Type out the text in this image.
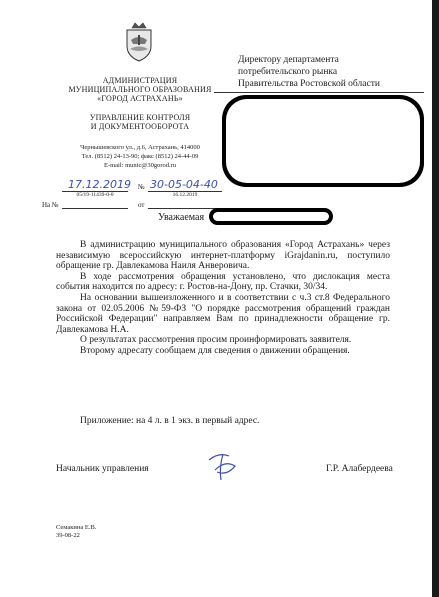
АДМИНИСТРАЦИЯ
МУНИЦИПАЛЬНОГО ОБРАЗОВАНИЯ
«ГОРОД АСТРАХАНЬ»
УПРАВЛЕНИЕ КОНТРОЛЯ
И ДОКУМЕНТООБОРОТА
Чернышевского ул., д.6, Астрахань, 414000
Тел. (8512) 24-13-90; факс (8512) 24-44-09
E-mail: munic@30gorod.ru
17.12.2019 № 30-05-04-40
05/19-11439-0-0	16.12.2019
На №	от
Директору департамента
потребительского рынка
Правительства Ростовской области
Уважаемая

В администрацию муниципального образования «Город Астрахань» через независимую всероссийскую интернет-платформу iGrajdanin.ru, поступило обращение гр. Давлекамова Наиля Анверовича.

В ходе рассмотрения обращения установлено, что дислокация места события находится по адресу: г. Ростов-на-Дону, пр. Стачки, 30/34.

На основании вышеизложенного и в соответствии с ч.3 ст.8 Федерального закона от 02.05.2006 №59-ФЗ "О порядке рассмотрения обращений граждан Российской Федерации" направляем Вам по принадлежности обращение гр. Давлекамова Н.А.

О результатах рассмотрения просим проинформировать заявителя.

Второму адресату сообщаем для сведения о движении обращения.

Приложение: на 4 л. в 1 экз. в первый адрес.

Начальник управления	Г.Р. Алабердеева
Семакина Е.В.
39-08-22
